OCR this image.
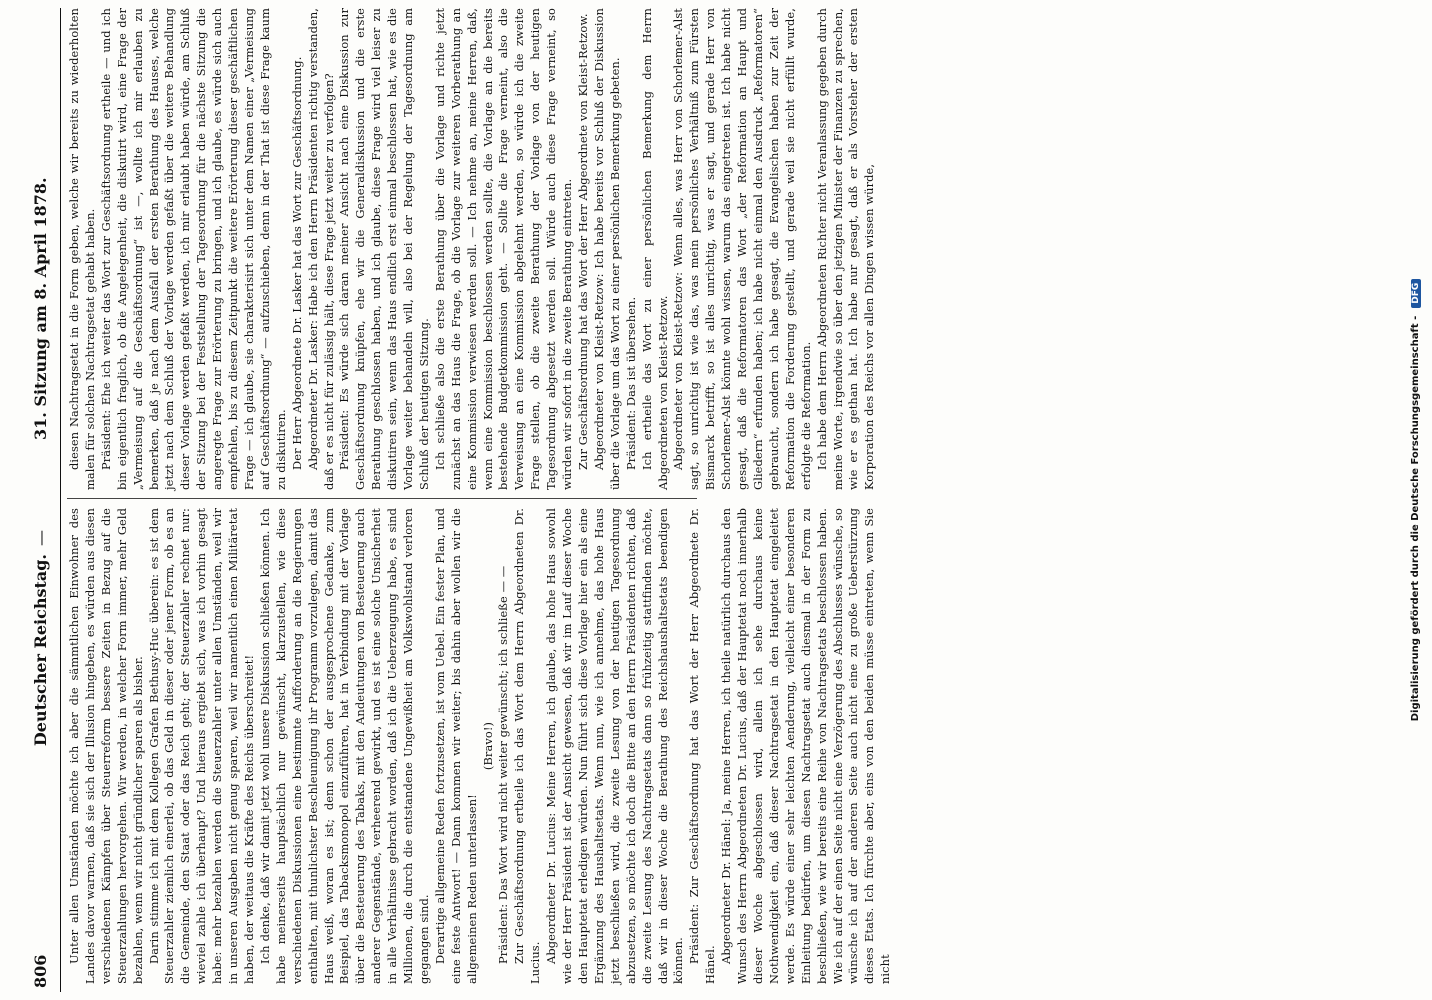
806
Deutscher Reichstag.
—
31. Sitzung am 8. April 1878.

Unter allen Umständen möchte ich aber die sämmtlichen Einwohner des Landes davor warnen, daß sie sich der Illusion hingeben, es würden aus diesen verschiedenen Kämpfen über Steuerreform bessere Zeiten in Bezug auf die Steuerzahlungen hervorgehen. Wir werden, in welcher Form immer, mehr Geld bezahlen, wenn wir nicht gründlicher sparen als bisher. Darin stimme ich mit dem Kollegen Grafen Bethusy-Huc überein: es ist dem Steuerzahler ziemlich einerlei, ob das Geld in dieser oder jener Form, ob es an die Gemeinde, den Staat oder das Reich geht; der Steuerzahler rechnet nur: wieviel zahle ich überhaupt? Und hieraus ergiebt sich, was ich vorhin gesagt habe: mehr bezahlen werden die Steuerzahler unter allen Umständen, weil wir in unseren Ausgaben nicht genug sparen, weil wir namentlich einen Militäretat haben, der weitaus die Kräfte des Reichs überschreitet! Ich denke, daß wir damit jetzt wohl unsere Diskussion schließen können. Ich habe meinerseits hauptsächlich nur gewünscht, klarzustellen, wie diese verschiedenen Diskussionen eine bestimmte Aufforderung an die Regierungen enthalten, mit thunlichster Beschleunigung ihr Programm vorzulegen, damit das Haus weiß, woran es ist; denn schon der ausgesprochene Gedanke, zum Beispiel, das Tabacksmonopol einzuführen, hat in Verbindung mit der Vorlage über die Besteuerung des Tabaks, mit den Andeutungen von Besteuerung auch anderer Gegenstände, verheerend gewirkt, und es ist eine solche Unsicherheit in alle Verhältnisse gebracht worden, daß ich die Ueberzeugung habe, es sind Millionen, die durch die entstandene Ungewißheit am Volkswohlstand verloren gegangen sind. Derartige allgemeine Reden fortzusetzen, ist vom Uebel. Ein fester Plan, und eine feste Antwort! — Dann kommen wir weiter; bis dahin aber wollen wir die allgemeinen Reden unterlassen!

(Bravo!) Präsident: Das Wort wird nicht weiter gewünscht; ich schließe — — Zur Geschäftsordnung ertheile ich das Wort dem Herrn Abgeordneten Dr. Lucius. Abgeordneter Dr. Lucius: Meine Herren, ich glaube, das hohe Haus sowohl wie der Herr Präsident ist der Ansicht gewesen, daß wir im Lauf dieser Woche den Hauptetat erledigen würden. Nun führt sich diese Vorlage hier ein als eine Ergänzung des Haushaltsetats. Wenn nun, wie ich annehme, das hohe Haus jetzt beschließen wird, die zweite Lesung von der heutigen Tagesordnung abzusetzen, so möchte ich doch die Bitte an den Herrn Präsidenten richten, daß die zweite Lesung des Nachtragsetats dann so frühzeitig stattfinden möchte, daß wir in dieser Woche die Berathung des Reichshaushaltsetats beendigen können. Präsident: Zur Geschäftsordnung hat das Wort der Herr Abgeordnete Dr. Hänel.

Abgeordneter Dr. Hänel: Ja, meine Herren, ich theile natürlich durchaus den Wunsch des Herrn Abgeordneten Dr. Lucius, daß der Hauptetat noch innerhalb dieser Woche abgeschlossen wird, allein ich sehe durchaus keine Nothwendigkeit ein, daß dieser Nachtragsetat in den Hauptetat eingeleitet werde. Es würde einer sehr leichten Aenderung, vielleicht einer besonderen Einleitung bedürfen, um diesen Nachtragsetat auch diesmal in der Form zu beschließen, wie wir bereits eine Reihe von Nachtragsetats beschlossen haben. Wie ich auf der einen Seite nicht eine Verzögerung des Abschlusses wünsche, so wünsche ich auf der anderen Seite auch nicht eine zu große Ueberstürzung dieses Etats. Ich fürchte aber, eins von den beiden müsse eintreten, wenn Sie nicht

diesen Nachtragsetat in die Form geben, welche wir bereits zu wiederholten malen für solchen Nachtragsetat gehabt haben. Präsident: Ehe ich weiter das Wort zur Geschäftsordnung ertheile — und ich bin eigentlich fraglich, ob die Angelegenheit, die diskutirt wird, eine Frage der „Vermeisung auf die Geschäftsordnung“ ist —, wollte ich mir erlauben zu bemerken, daß je nach dem Ausfall der ersten Berathung des Hauses, welche jetzt nach dem Schluß der Vorlage werden gefaßt über die weitere Behandlung dieser Vorlage werden gefaßt werden, ich mir erlaubt haben würde, am Schluß der Sitzung bei der Feststellung der Tagesordnung für die nächste Sitzung die angeregte Frage zur Erörterung zu bringen, und ich glaube, es würde sich auch empfehlen, bis zu diesem Zeitpunkt die weitere Erörterung dieser geschäftlichen Frage — ich glaube, sie charakterisirt sich unter dem Namen einer „Vermeisung auf Geschäftsordnung“ — aufzuschieben, denn in der That ist diese Frage kaum zu diskutiren. Der Herr Abgeordnete Dr. Lasker hat das Wort zur Geschäftsordnung. Abgeordneter Dr. Lasker: Habe ich den Herrn Präsidenten richtig verstanden, daß er es nicht für zulässig hält, diese Frage jetzt weiter zu verfolgen? Präsident: Es würde sich daran meiner Ansicht nach eine Diskussion zur Geschäftsordnung knüpfen, ehe wir die Generaldiskussion und die erste Berathung geschlossen haben, und ich glaube, diese Frage wird viel leiser zu diskutiren sein, wenn das Haus endlich erst einmal beschlossen hat, wie es die Vorlage weiter behandeln will, also bei der Regelung der Tagesordnung am Schluß der heutigen Sitzung. Ich schließe also die erste Berathung über die Vorlage und richte jetzt zunächst an das Haus die Frage, ob die Vorlage zur weiteren Vorberathung an eine Kommission verwiesen werden soll. — Ich nehme an, meine Herren, daß, wenn eine Kommission beschlossen werden sollte, die Vorlage an die bereits bestehende Budgetkommission geht. — Sollte die Frage verneint, also die Verweisung an eine Kommission abgelehnt werden, so würde ich die zweite Frage stellen, ob die zweite Berathung der Vorlage von der heutigen Tagesordnung abgesetzt werden soll. Würde auch diese Frage verneint, so würden wir sofort in die zweite Berathung eintreten. Zur Geschäftsordnung hat das Wort der Herr Abgeordnete von Kleist-Retzow. Abgeordneter von Kleist-Retzow: Ich habe bereits vor Schluß der Diskussion über die Vorlage um das Wort zu einer persönlichen Bemerkung gebeten. Präsident: Das ist übersehen. Ich ertheile das Wort zu einer persönlichen Bemerkung dem Herrn Abgeordneten von Kleist-Retzow. Abgeordneter von Kleist-Retzow: Wenn alles, was Herr von Schorlemer-Alst sagt, so unrichtig ist wie das, was mein persönliches Verhältniß zum Fürsten Bismarck betrifft, so ist alles unrichtig, was er sagt, und gerade Herr von Schorlemer-Alst könnte wohl wissen, warum das eingetreten ist. Ich habe nicht gesagt, daß die Reformatoren das Wort „der Reformation an Haupt und Gliedern“ erfunden haben; ich habe nicht einmal den Ausdruck „Reformatoren“ gebraucht, sondern ich habe gesagt, die Evangelischen haben zur Zeit der Reformation die Forderung gestellt, und gerade weil sie nicht erfüllt wurde, erfolgte die Reformation. Ich habe dem Herrn Abgeordneten Richter nicht Veranlassung gegeben durch meine Worte, irgendwie so über den jetzigen Minister der Finanzen zu sprechen, wie er es gethan hat. Ich habe nur gesagt, daß er als Vorsteher der ersten Korporation des Reichs vor allen Dingen wissen würde,	Digitalisierung gefördert durch die Deutsche Forschungsgemeinschaft -DFG
